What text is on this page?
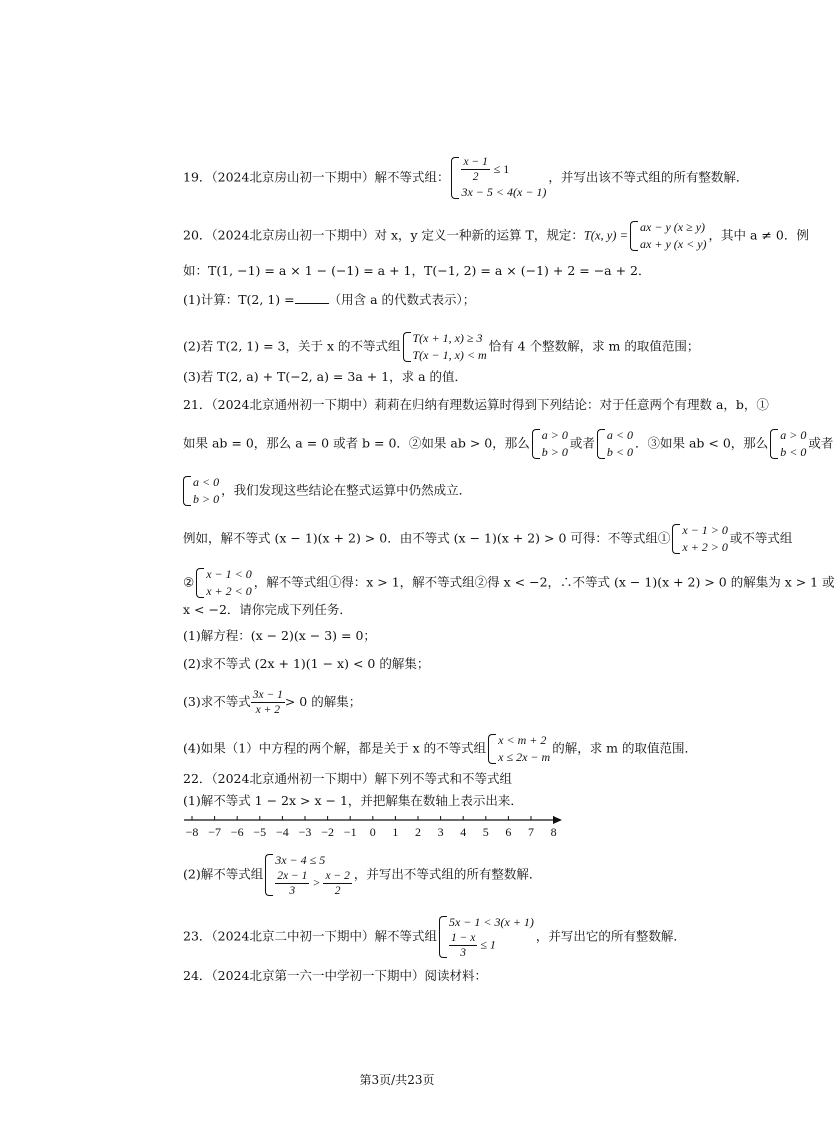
19．（2024北京房山初一下期中）解不等式组： $\frac{x - 1}{2} \le 1$
3x − 5 < 4(x − 1)
，并写出该不等式组的所有整数解．
20．（2024北京房山初一下期中）对 x，y 定义一种新的运算 T，规定：T(x, y) =
ax − y (x ≥ y)
ax + y (x < y)
，其中 a ≠ 0．例
如：T(1, −1) = a × 1 − (−1) = a + 1，T(−1, 2) = a × (−1) + 2 = −a + 2．
(1)计算：T(2, 1) =	（用含 a 的代数式表示）；
(2)若 T(2, 1) = 3，关于 x 的不等式组
T(x + 1, x) ≥ 3
T(x − 1, x) < m
恰有 4 个整数解，求 m 的取值范围；
(3)若 T(2, a) + T(−2, a) = 3a + 1，求 a 的值．
21．（2024北京通州初一下期中）莉莉在归纳有理数运算时得到下列结论：对于任意两个有理数 a，b，①
如果 ab = 0，那么 a = 0 或者 b = 0．②如果 ab > 0，那么
a > 0
b > 0
或者
a < 0
b < 0
．③如果 ab < 0，那么
a > 0
b < 0
或者
a < 0
b > 0
，我们发现这些结论在整式运算中仍然成立．
例如，解不等式 (x − 1)(x + 2) > 0．由不等式 (x − 1)(x + 2) > 0 可得：不等式组①
x − 1 > 0
x + 2 > 0
或不等式组
②
x − 1 < 0
x + 2 < 0
，解不等式组①得：x > 1，解不等式组②得 x < −2，∴不等式 (x − 1)(x + 2) > 0 的解集为 x > 1 或
x < −2．请你完成下列任务．
(1)解方程：(x − 2)(x − 3) = 0；
(2)求不等式 (2x + 1)(1 − x) < 0 的解集；
(3)求不等式 $\frac{3x - 1}{x + 2} > 0$ 的解集；
(4)如果（1）中方程的两个解，都是关于 x 的不等式组
x < m + 2
x ≤ 2x − m
的解，求 m 的取值范围．
22．（2024北京通州初一下期中）解下列不等式和不等式组
(1)解不等式 1 − 2x > x − 1，并把解集在数轴上表示出来．
−8 −7 −6 −5 −4 −3 −2 −1 0 1 2 3 4 5 6 7 8
(2)解不等式组
3x − 4 ≤ 5
$\frac{2x - 1}{3} > \frac{x - 2}{2}$ ，并写出不等式组的所有整数解．
23．（2024北京二中初一下期中）解不等式组
5x − 1 < 3(x + 1)
$\frac{1 - x}{3} \le 1$
，并写出它的所有整数解．
24．（2024北京第一六一中学初一下期中）阅读材料：
第3页/共23页
